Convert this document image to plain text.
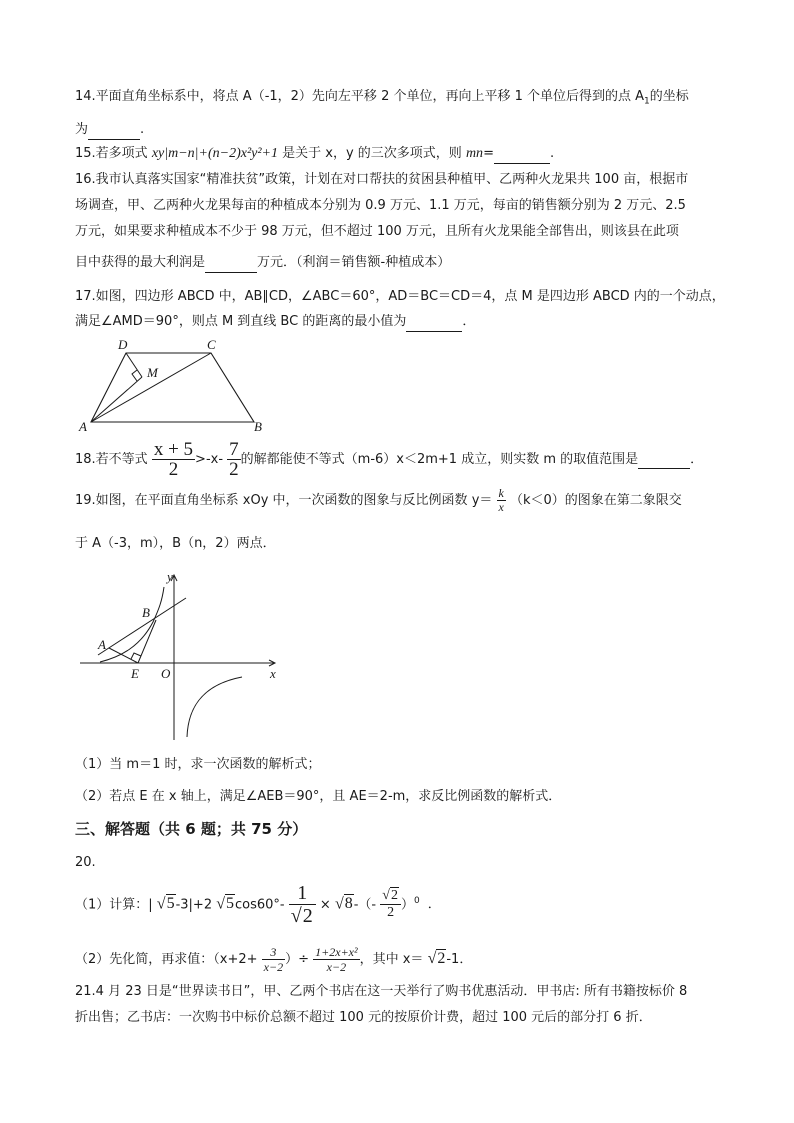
14.平面直角坐标系中，将点 A（-1，2）先向左平移 2 个单位，再向上平移 1 个单位后得到的点 $A_1$的坐标
为	.
15.若多项式 xy|m−n|+(n−2)x²y²+1 是关于 x，y 的三次多项式，则 mn=	.
16.我市认真落实国家“精准扶贫”政策，计划在对口帮扶的贫困县种植甲、乙两种火龙果共 100 亩，根据市
场调查，甲、乙两种火龙果每亩的种植成本分别为 0.9 万元、1.1 万元，每亩的销售额分别为 2 万元、2.5
万元，如果要求种植成本不少于 98 万元，但不超过 100 万元，且所有火龙果能全部售出，则该县在此项
目中获得的最大利润是	万元．（利润＝销售额-种植成本）
17.如图，四边形 ABCD 中，AB∥CD，∠ABC＝60°，AD＝BC＝CD＝4，点 M 是四边形 ABCD 内的一个动点，
满足∠AMD＝90°，则点 M 到直线 BC 的距离的最小值为	．
A	B
C
D
M
18.若不等式 $\frac{x + 5}{2} >-x- \frac{7}{2}$ 的解都能使不等式（m-6）x＜2m+1 成立，则实数 m 的取值范围是	．
19.如图，在平面直角坐标系 xOy 中，一次函数的图象与反比例函数 $y= \frac{k}{x} (k<0)$的图象在第二象限交
于 A（-3，m），B（n，2）两点．
y
x
O
A
B
E
（1）当 m＝1 时，求一次函数的解析式；
（2）若点 E 在 x 轴上，满足∠AEB＝90°，且 AE＝2-m，求反比例函数的解析式．
三、解答题（共 6 题；共 75 分）
20.
（1）计算：| √5-3|+2 $√5\cos 60^\circ- \frac{1}{√2} \times √8-(- \frac{√2}{2} )^0$ ．
（2）先化简，再求值：（$x+2+ \frac{3}{x-2}$ ）÷ $\frac{\text{1+2x+x²}}{x-2}$ ，其中 x＝ √2-1．
21.4 月 23 日是“世界读书日”，甲、乙两个书店在这一天举行了购书优惠活动．甲书店: 所有书籍按标价 8
折出售；乙书店：一次购书中标价总额不超过 100 元的按原价计费，超过 100 元后的部分打 6 折．
